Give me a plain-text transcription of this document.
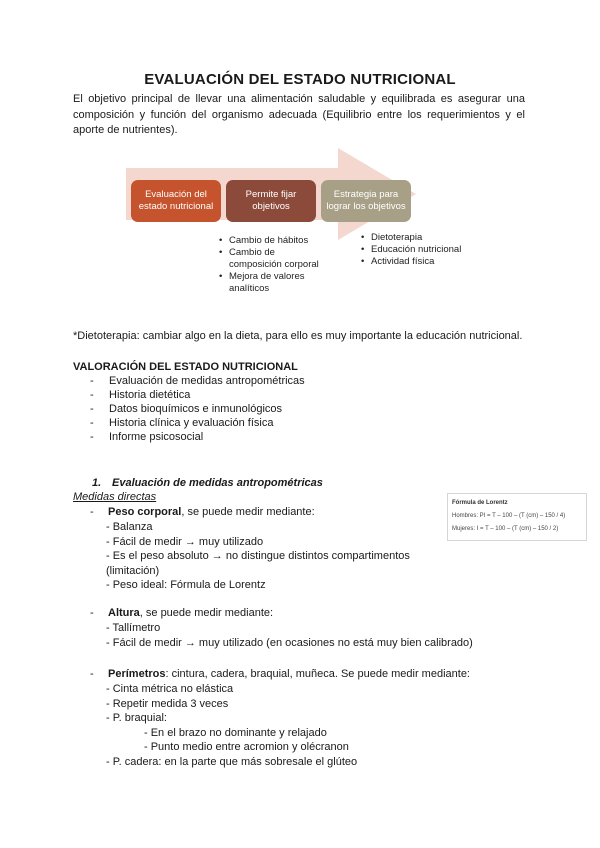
EVALUACIÓN DEL ESTADO NUTRICIONAL
El objetivo principal de llevar una alimentación saludable y equilibrada es asegurar una composición y función del organismo adecuada (Equilibrio entre los requerimientos y el aporte de nutrientes).
Evaluación del estado nutricional
Permite fijar objetivos
Estrategia para lograr los objetivos
• Cambio de hábitos
• Cambio de composición corporal
• Mejora de valores analíticos
• Dietoterapia
• Educación nutricional
• Actividad física
*Dietoterapia: cambiar algo en la dieta, para ello es muy importante la educación nutricional.
VALORACIÓN DEL ESTADO NUTRICIONAL
- Evaluación de medidas antropométricas
- Historia dietética
- Datos bioquímicos e inmunológicos
- Historia clínica y evaluación física
- Informe psicosocial
1. Evaluación de medidas antropométricas
Medidas directas
- Peso corporal, se puede medir mediante:
- Balanza
- Fácil de medir → muy utilizado
- Es el peso absoluto → no distingue distintos compartimentos
(limitación)
- Peso ideal: Fórmula de Lorentz
- Altura, se puede medir mediante:
- Tallímetro
- Fácil de medir → muy utilizado (en ocasiones no está muy bien calibrado)
- Perímetros: cintura, cadera, braquial, muñeca. Se puede medir mediante:
- Cinta métrica no elástica
- Repetir medida 3 veces
- P. braquial:
- En el brazo no dominante y relajado
- Punto medio entre acromion y olécranon
- P. cadera: en la parte que más sobresale el glúteo
Fórmula de Lorentz
Hombres: PI = T – 100 – (T (cm) – 150 / 4)
Mujeres: I = T – 100 – (T (cm) – 150 / 2)
